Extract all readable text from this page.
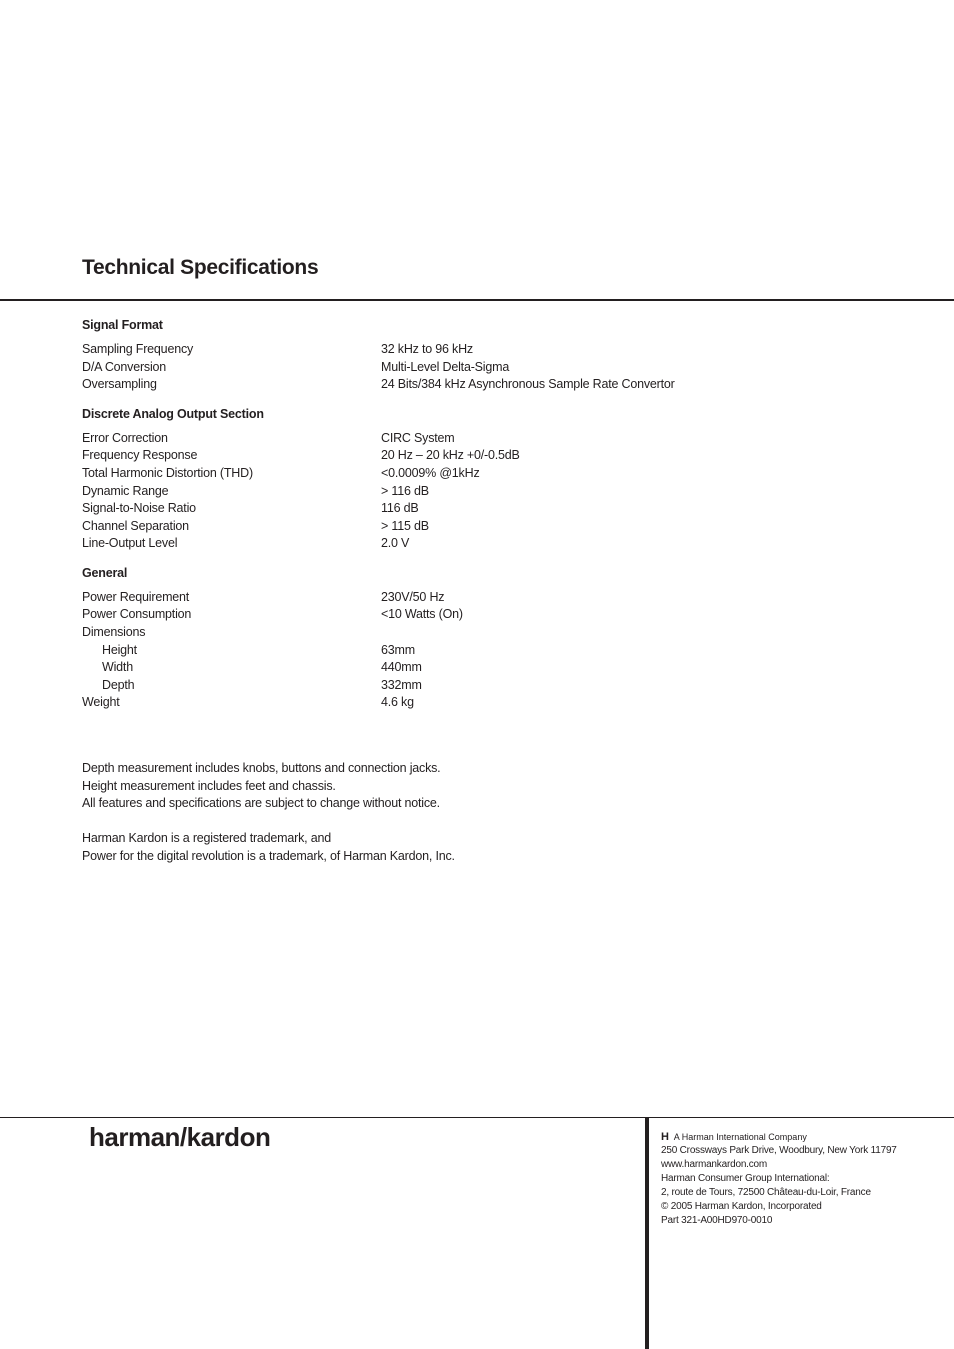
Technical Specifications
Signal Format
Sampling Frequency	32 kHz to 96 kHz
D/A Conversion	Multi-Level Delta-Sigma
Oversampling	24 Bits/384 kHz Asynchronous Sample Rate Convertor
Discrete Analog Output Section
Error Correction	CIRC System
Frequency Response	20 Hz – 20 kHz +0/-0.5dB
Total Harmonic Distortion (THD)	<0.0009% @1kHz
Dynamic Range	> 116 dB
Signal-to-Noise Ratio	116 dB
Channel Separation	> 115 dB
Line-Output Level	2.0 V
General
Power Requirement	230V/50 Hz
Power Consumption	<10 Watts (On)
Dimensions
Height	63mm
Width	440mm
Depth	332mm
Weight	4.6 kg
Depth measurement includes knobs, buttons and connection jacks.
Height measurement includes feet and chassis.
All features and specifications are subject to change without notice.
Harman Kardon is a registered trademark, and
Power for the digital revolution is a trademark, of Harman Kardon, Inc.
harman/kardon	H A Harman International Company
250 Crossways Park Drive, Woodbury, New York 11797
www.harmankardon.com
Harman Consumer Group International:
2, route de Tours, 72500 Château-du-Loir, France
© 2005 Harman Kardon, Incorporated
Part 321-A00HD970-0010
